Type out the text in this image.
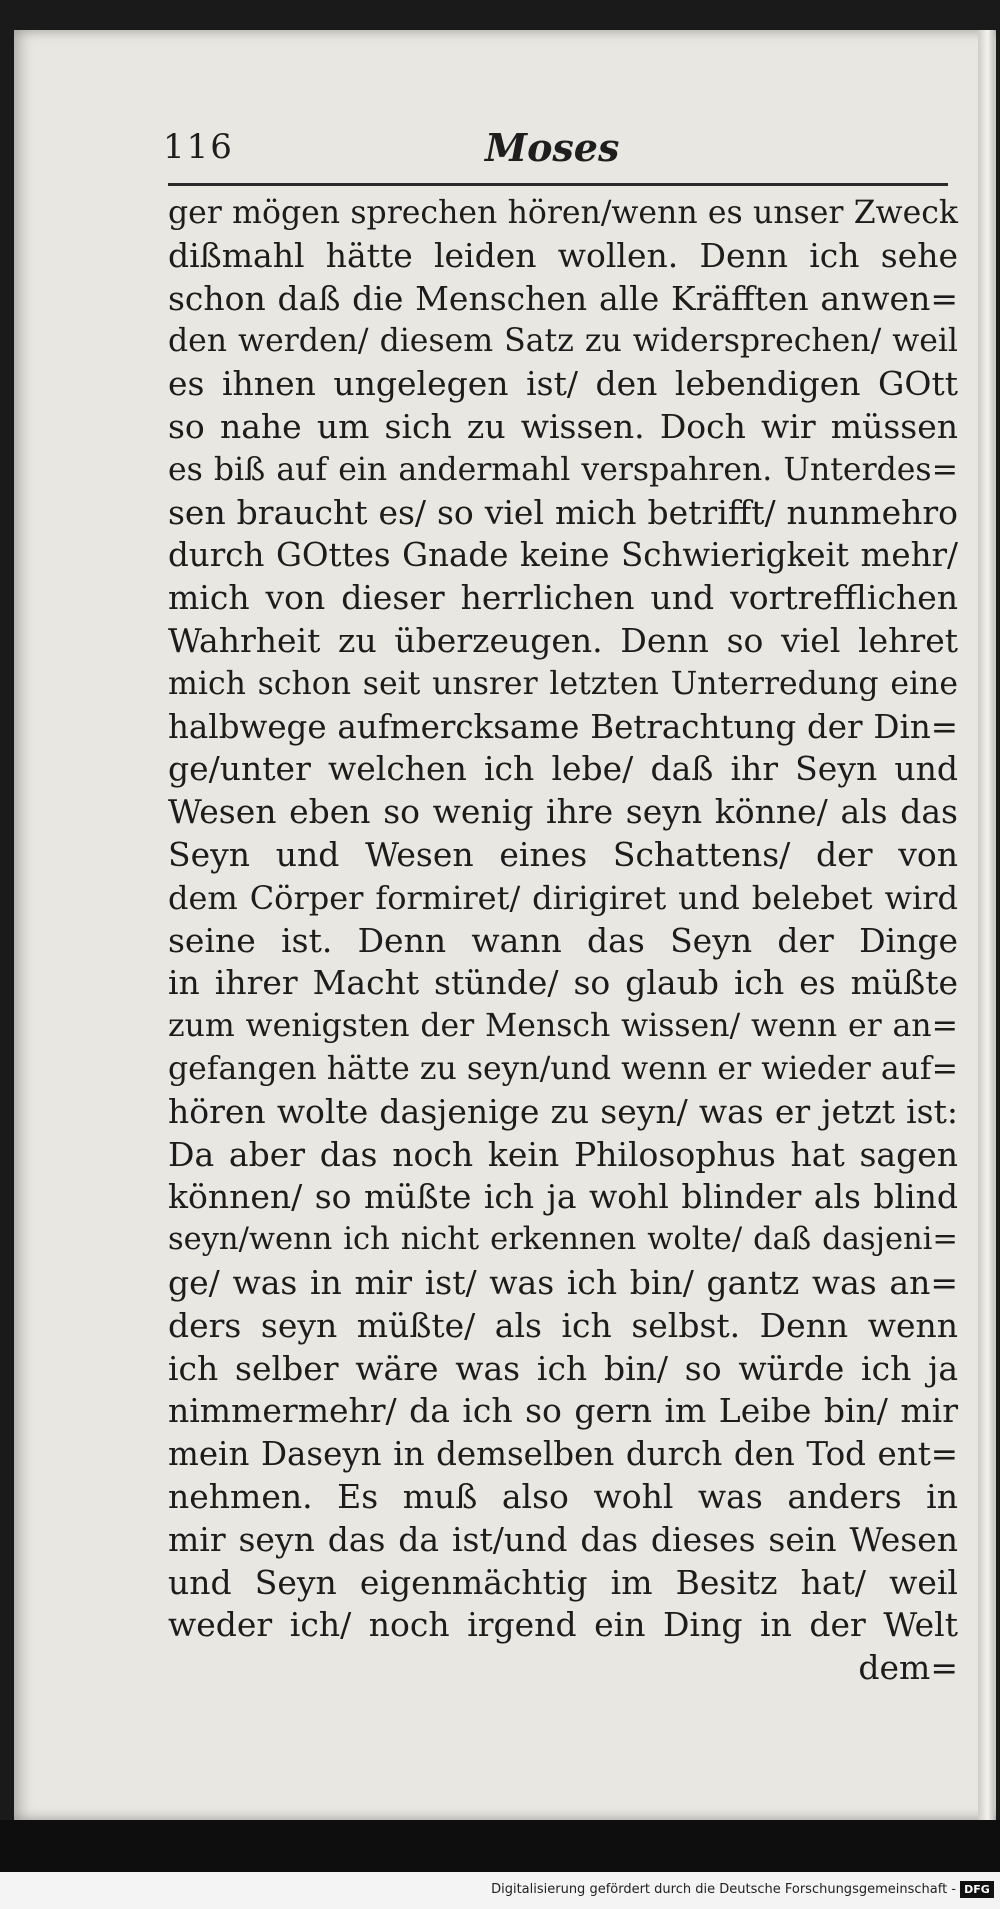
116	Moses
ger mögen sprechen hören/wenn es unser Zweck
dißmahl hätte leiden wollen. Denn ich sehe
schon daß die Menschen alle Kräfften anwen=
den werden/ diesem Satz zu widersprechen/ weil
es ihnen ungelegen ist/ den lebendigen GOtt
so nahe um sich zu wissen. Doch wir müssen
es biß auf ein andermahl verspahren. Unterdes=
sen braucht es/ so viel mich betrifft/ nunmehro
durch GOttes Gnade keine Schwierigkeit mehr/
mich von dieser herrlichen und vortrefflichen
Wahrheit zu überzeugen. Denn so viel lehret
mich schon seit unsrer letzten Unterredung eine
halbwege aufmercksame Betrachtung der Din=
ge/unter welchen ich lebe/ daß ihr Seyn und
Wesen eben so wenig ihre seyn könne/ als das
Seyn und Wesen eines Schattens/ der von
dem Cörper formiret/ dirigiret und belebet wird
seine ist. Denn wann das Seyn der Dinge
in ihrer Macht stünde/ so glaub ich es müßte
zum wenigsten der Mensch wissen/ wenn er an=
gefangen hätte zu seyn/und wenn er wieder auf=
hören wolte dasjenige zu seyn/ was er jetzt ist:
Da aber das noch kein Philosophus hat sagen
können/ so müßte ich ja wohl blinder als blind
seyn/wenn ich nicht erkennen wolte/ daß dasjeni=
ge/ was in mir ist/ was ich bin/ gantz was an=
ders seyn müßte/ als ich selbst. Denn wenn
ich selber wäre was ich bin/ so würde ich ja
nimmermehr/ da ich so gern im Leibe bin/ mir
mein Daseyn in demselben durch den Tod ent=
nehmen. Es muß also wohl was anders in
mir seyn das da ist/und das dieses sein Wesen
und Seyn eigenmächtig im Besitz hat/ weil
weder ich/ noch irgend ein Ding in der Welt
dem=
Digitalisierung gefördert durch die Deutsche Forschungsgemeinschaft - DFG
